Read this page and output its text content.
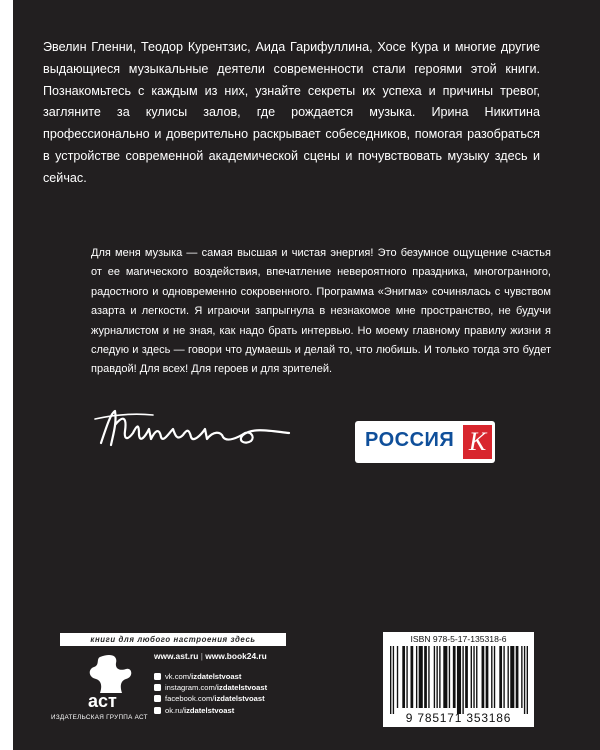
Эвелин Гленни, Теодор Курентзис, Аида Гарифуллина, Хосе Кура и многие другие выдающиеся музыкальные деятели современности стали героями этой книги. Познакомьтесь с каждым из них, узнайте секреты их успеха и причины тревог, загляните за кулисы залов, где рождается музыка. Ирина Никитина профессионально и доверительно раскрывает собеседников, помогая разобраться в устройстве современной академической сцены и почувствовать музыку здесь и сейчас.

Для меня музыка — самая высшая и чистая энергия! Это безумное ощущение счастья от ее магического воздействия, впечатление невероятного праздника, многогранного, радостного и одновременно сокровенного. Программа «Энигма» сочинялась с чувством азарта и легкости. Я играючи запрыгнула в незнакомое мне пространство, не будучи журналистом и не зная, как надо брать интервью. Но моему главному правилу жизни я следую и здесь — говори что думаешь и делай то, что любишь. И только тогда это будет правдой! Для всех! Для героев и для зрителей.

РОССИЯ К
книги для любого настроения здесь
аст
ИЗДАТЕЛЬСКАЯ ГРУППА АСТ
www.ast.ru | www.book24.ru
vk.com/ izdatelstvoast
instagram.com/ izdatelstvoast
facebook.com/ izdatelstvoast
ok.ru/ izdatelstvoast
ISBN 978-5-17-135318-6
9 785171 353186
